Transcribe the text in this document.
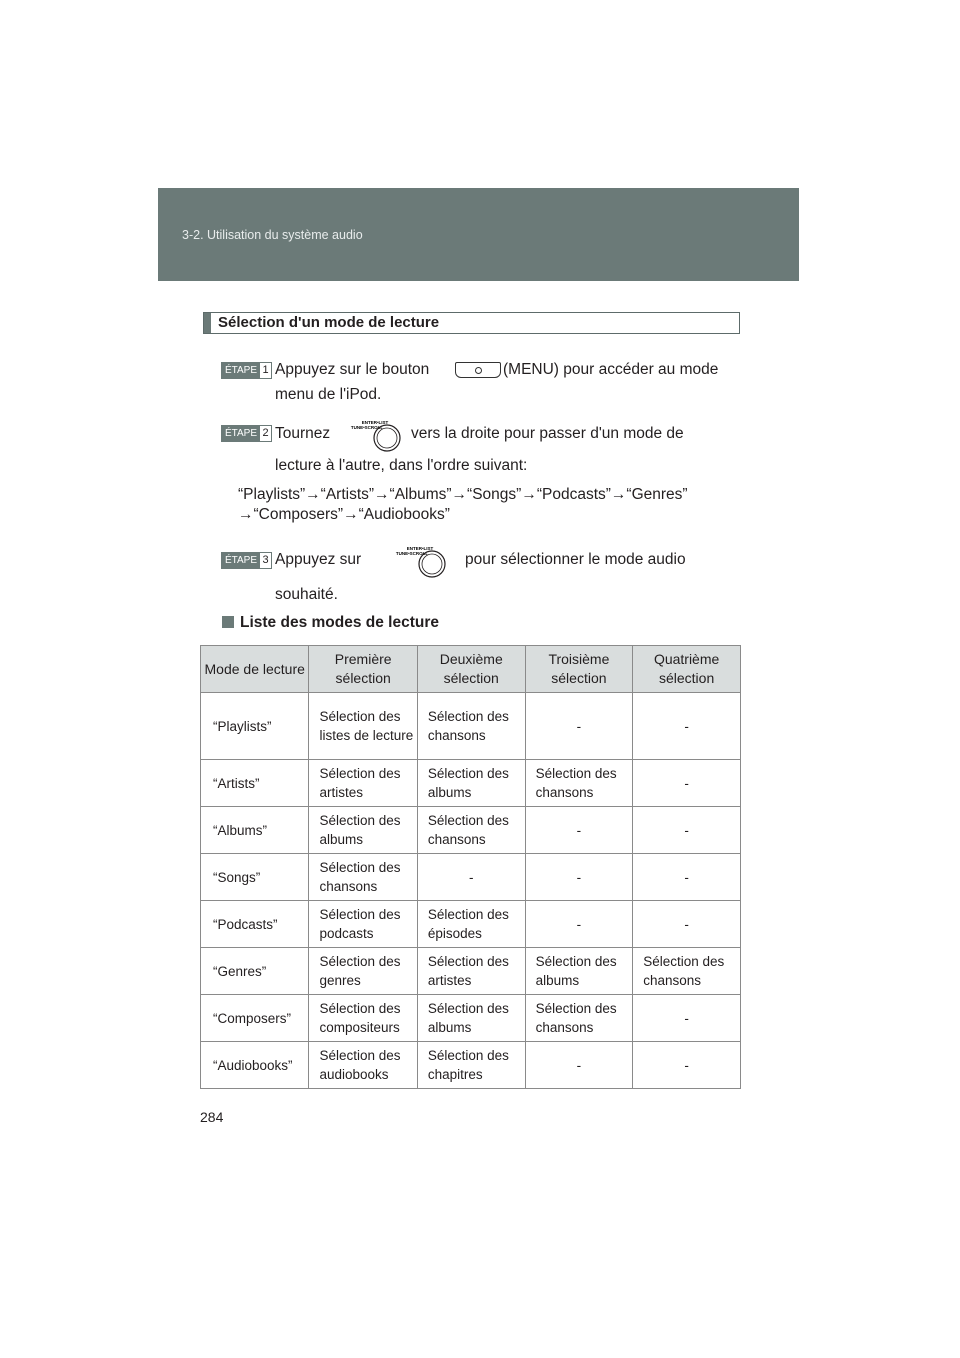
3-2. Utilisation du système audio
Sélection d'un mode de lecture
ÉTAPE 1 Appuyez sur le bouton	(MENU) pour accéder au mode
menu de l'iPod.
ÉTAPE 2 Tournez
ENTER•LIST
TUNE•SCROLL vers la droite pour passer d'un mode de
lecture à l'autre, dans l'ordre suivant:
“Playlists”→“Artists”→“Albums”→“Songs”→“Podcasts”→“Genres”
→“Composers”→“Audiobooks”
ÉTAPE 3 Appuyez sur
ENTER•LIST
TUNE•SCROLL pour sélectionner le mode audio
souhaité.
Liste des modes de lecture
Mode de lecture	Première sélection	Deuxième sélection	Troisième sélection	Quatrième sélection
“Playlists”	Sélection des listes de lecture	Sélection des chansons	-	-
“Artists”	Sélection des artistes	Sélection des albums	Sélection des chansons	-
“Albums”	Sélection des albums	Sélection des chansons	-	-
“Songs”	Sélection des chansons	-	-	-
“Podcasts”	Sélection des podcasts	Sélection des épisodes	-	-
“Genres”	Sélection des genres	Sélection des artistes	Sélection des albums	Sélection des chansons
“Composers”	Sélection des compositeurs	Sélection des albums	Sélection des chansons	-
“Audiobooks”	Sélection des audiobooks	Sélection des chapitres	-	-
284
